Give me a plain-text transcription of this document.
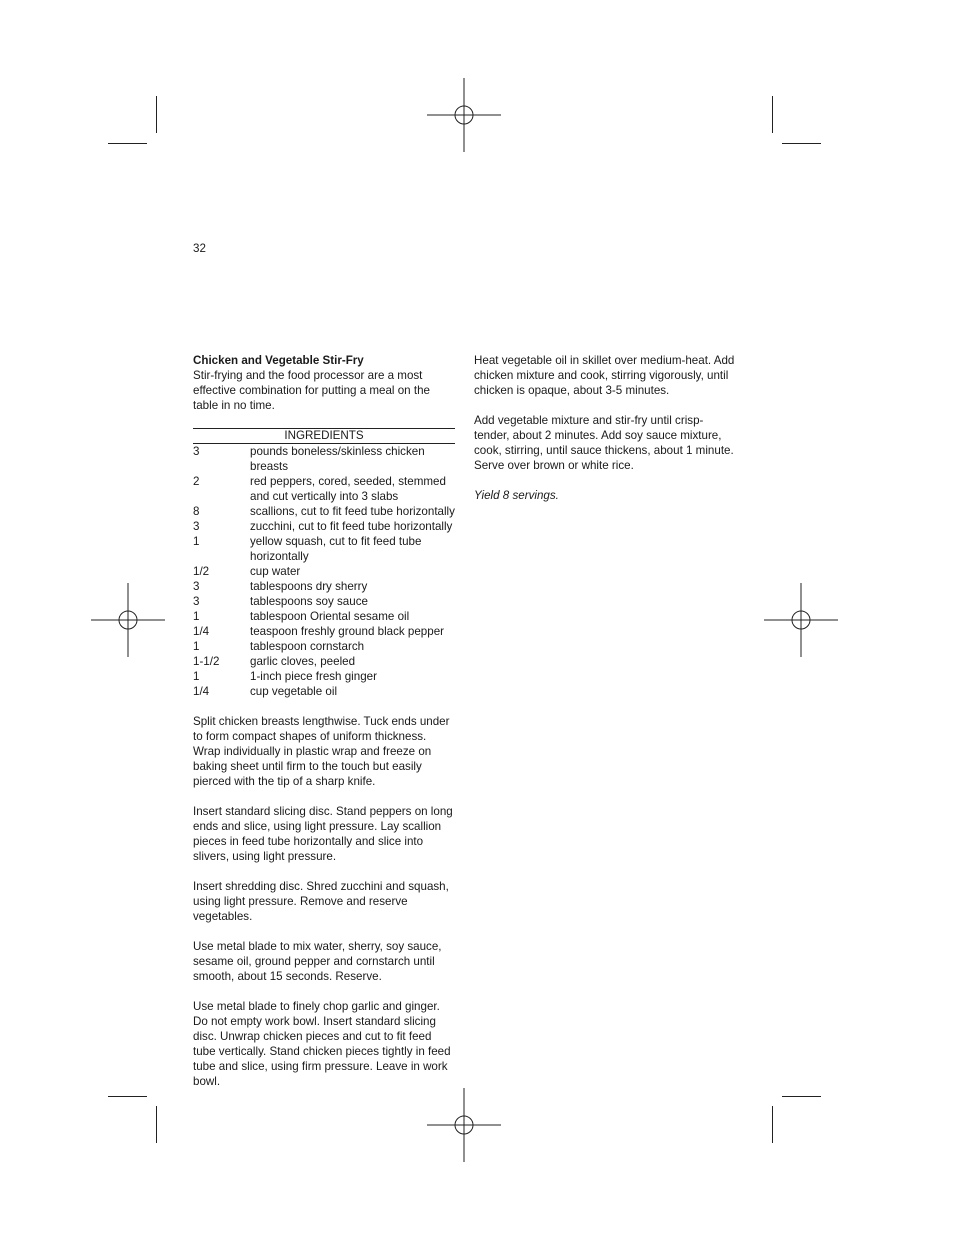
32
Chicken and Vegetable Stir-Fry
Stir-frying and the food processor are a most effective combination for putting a meal on the table in no time.
INGREDIENTS
3	pounds boneless/skinless chicken breasts
2	red peppers, cored, seeded, stemmed and cut vertically into 3 slabs
8	scallions, cut to fit feed tube horizontally
3	zucchini, cut to fit feed tube horizontally
1	yellow squash, cut to fit feed tube horizontally
1/2	cup water
3	tablespoons dry sherry
3	tablespoons soy sauce
1	tablespoon Oriental sesame oil
1/4	teaspoon freshly ground black pepper
1	tablespoon cornstarch
1-1/2	garlic cloves, peeled
1	1-inch piece fresh ginger
1/4	cup vegetable oil

Split chicken breasts lengthwise. Tuck ends under to form compact shapes of uniform thickness. Wrap individually in plastic wrap and freeze on baking sheet until firm to the touch but easily pierced with the tip of a sharp knife.

Insert standard slicing disc. Stand peppers on long ends and slice, using light pressure. Lay scallion pieces in feed tube horizontally and slice into slivers, using light pressure.

Insert shredding disc. Shred zucchini and squash, using light pressure. Remove and reserve vegetables.

Use metal blade to mix water, sherry, soy sauce, sesame oil, ground pepper and cornstarch until smooth, about 15 seconds. Reserve.

Use metal blade to finely chop garlic and ginger. Do not empty work bowl. Insert standard slicing disc. Unwrap chicken pieces and cut to fit feed tube vertically. Stand chicken pieces tightly in feed tube and slice, using firm pressure. Leave in work bowl.

Heat vegetable oil in skillet over medium-heat. Add chicken mixture and cook, stirring vigorously, until chicken is opaque, about 3-5 minutes.

Add vegetable mixture and stir-fry until crisp-tender, about 2 minutes. Add soy sauce mixture, cook, stirring, until sauce thickens, about 1 minute. Serve over brown or white rice.

Yield 8 servings.
